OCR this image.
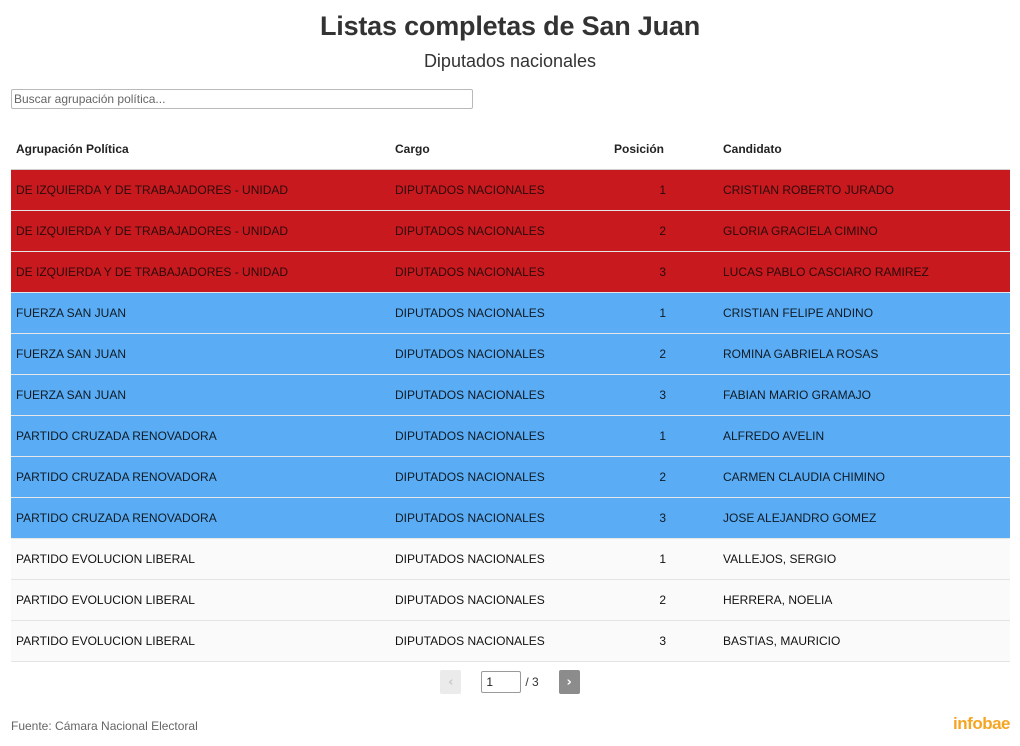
Listas completas de San Juan
Diputados nacionales
Buscar agrupación política...
Agrupación Política	Cargo	Posición	Candidato
DE IZQUIERDA Y DE TRABAJADORES - UNIDAD	DIPUTADOS NACIONALES	1	CRISTIAN ROBERTO JURADO
DE IZQUIERDA Y DE TRABAJADORES - UNIDAD	DIPUTADOS NACIONALES	2	GLORIA GRACIELA CIMINO
DE IZQUIERDA Y DE TRABAJADORES - UNIDAD	DIPUTADOS NACIONALES	3	LUCAS PABLO CASCIARO RAMIREZ
FUERZA SAN JUAN	DIPUTADOS NACIONALES	1	CRISTIAN FELIPE ANDINO
FUERZA SAN JUAN	DIPUTADOS NACIONALES	2	ROMINA GABRIELA ROSAS
FUERZA SAN JUAN	DIPUTADOS NACIONALES	3	FABIAN MARIO GRAMAJO
PARTIDO CRUZADA RENOVADORA	DIPUTADOS NACIONALES	1	ALFREDO AVELIN
PARTIDO CRUZADA RENOVADORA	DIPUTADOS NACIONALES	2	CARMEN CLAUDIA CHIMINO
PARTIDO CRUZADA RENOVADORA	DIPUTADOS NACIONALES	3	JOSE ALEJANDRO GOMEZ
PARTIDO EVOLUCION LIBERAL	DIPUTADOS NACIONALES	1	VALLEJOS, SERGIO
PARTIDO EVOLUCION LIBERAL	DIPUTADOS NACIONALES	2	HERRERA, NOELIA
PARTIDO EVOLUCION LIBERAL	DIPUTADOS NACIONALES	3	BASTIAS, MAURICIO
‹
1	/ 3 ›
Fuente: Cámara Nacional Electoral	infobae
